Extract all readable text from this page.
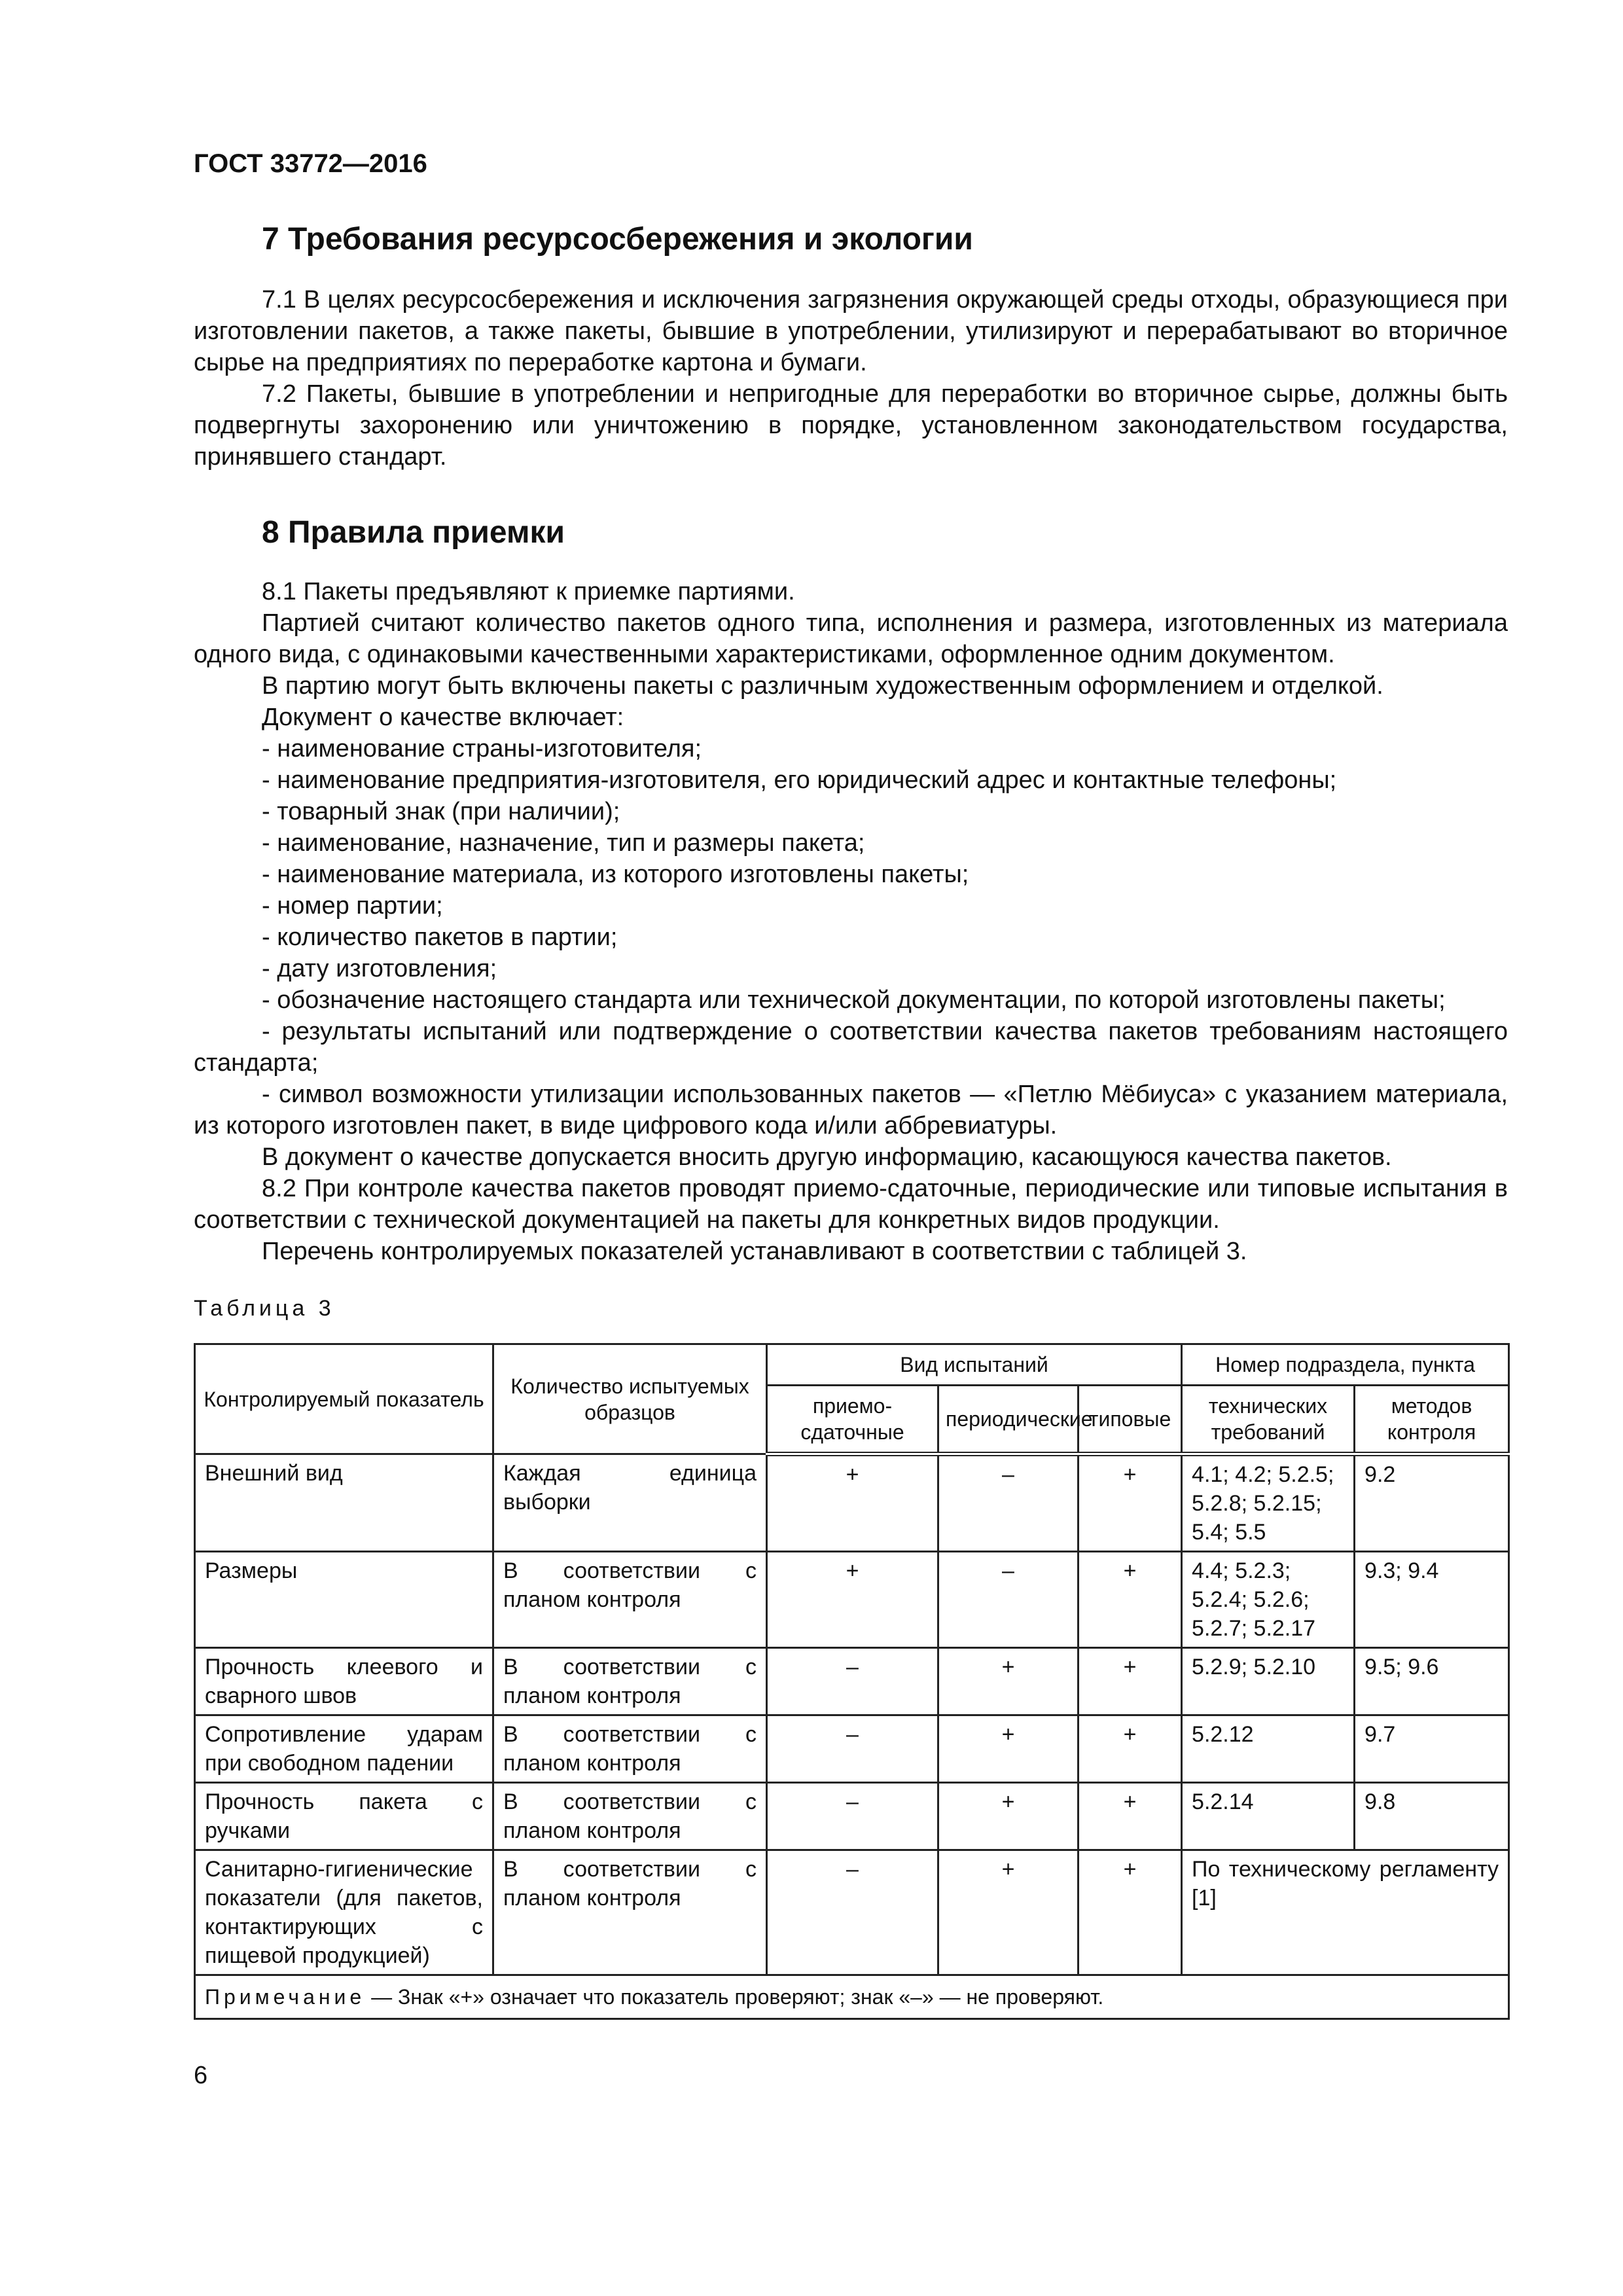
ГОСТ 33772—2016
7 Требования ресурсосбережения и экологии

7.1 В целях ресурсосбережения и исключения загрязнения окружающей среды отходы, образующиеся при изготовлении пакетов, а также пакеты, бывшие в употреблении, утилизируют и перерабатывают во вторичное сырье на предприятиях по переработке картона и бумаги.

7.2 Пакеты, бывшие в употреблении и непригодные для переработки во вторичное сырье, должны быть подвергнуты захоронению или уничтожению в порядке, установленном законодательством государства, принявшего стандарт.

8 Правила приемки

8.1 Пакеты предъявляют к приемке партиями.

Партией считают количество пакетов одного типа, исполнения и размера, изготовленных из материала одного вида, с одинаковыми качественными характеристиками, оформленное одним документом.

В партию могут быть включены пакеты с различным художественным оформлением и отделкой.

Документ о качестве включает:

- наименование страны-изготовителя;

- наименование предприятия-изготовителя, его юридический адрес и контактные телефоны;

- товарный знак (при наличии);

- наименование, назначение, тип и размеры пакета;

- наименование материала, из которого изготовлены пакеты;

- номер партии;

- количество пакетов в партии;

- дату изготовления;

- обозначение настоящего стандарта или технической документации, по которой изготовлены пакеты;

- результаты испытаний или подтверждение о соответствии качества пакетов требованиям настоящего стандарта;

- символ возможности утилизации использованных пакетов — «Петлю Мёбиуса» с указанием материала, из которого изготовлен пакет, в виде цифрового кода и/или аббревиатуры.

В документ о качестве допускается вносить другую информацию, касающуюся качества пакетов.

8.2 При контроле качества пакетов проводят приемо-сдаточные, периодические или типовые испытания в соответствии с технической документацией на пакеты для конкретных видов продукции.

Перечень контролируемых показателей устанавливают в соответствии с таблицей 3.

Таблица 3
Контролируемый показатель	Количество испытуемых образцов	Вид испытаний			Номер подраздела, пункта	
		приемо-сдаточные	периодические	типовые	технических требований	методов контроля
Внешний вид	Каждая единица выборки	+	–	+	4.1; 4.2; 5.2.5; 5.2.8; 5.2.15; 5.4; 5.5	9.2
Размеры	В соответствии с планом контроля	+	–	+	4.4; 5.2.3; 5.2.4; 5.2.6; 5.2.7; 5.2.17	9.3; 9.4
Прочность клеевого и сварного швов	В соответствии с планом контроля	–	+	+	5.2.9; 5.2.10	9.5; 9.6
Сопротивление ударам при свободном падении	В соответствии с планом контроля	–	+	+	5.2.12	9.7
Прочность пакета с ручками	В соответствии с планом контроля	–	+	+	5.2.14	9.8
Санитарно-гигиенические показатели (для пакетов, контактирующих с пищевой продукцией)	В соответствии с планом контроля	–	+	+	По техническому регламенту [1]	
Примечание — Знак «+» означает что показатель проверяют; знак «–» — не проверяют.						
6
